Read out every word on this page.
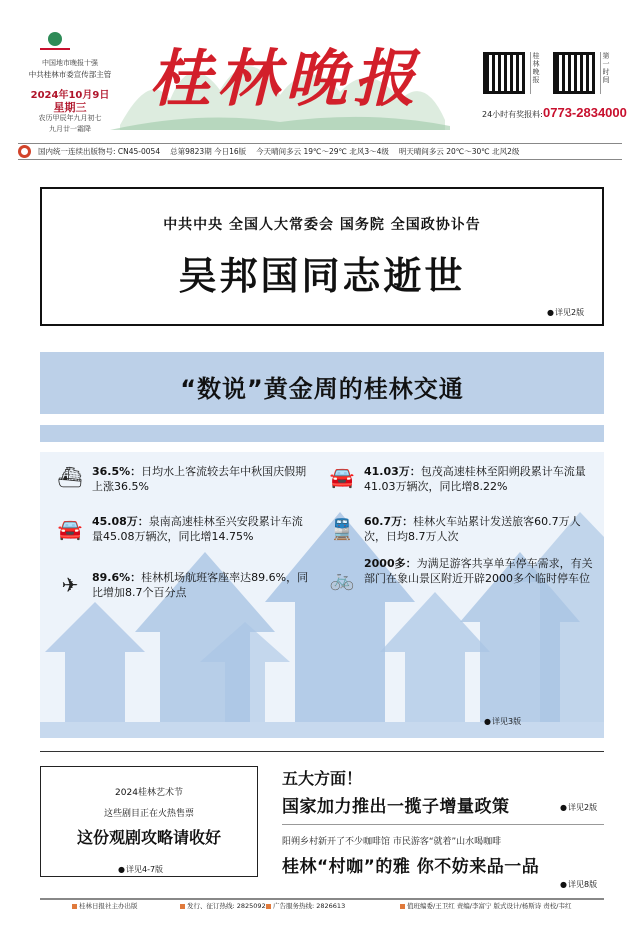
中国地市晚报十强
中共桂林市委宣传部主管
2024年10月9日
星期三
农历甲辰年九月初七
九月廿一霜降
桂林晚报	桂林晚报
第一时间
24小时有奖报料: 0773-2834000
国内统一连续出版物号: CN45-0054 总第9823期 今日16版 今天晴间多云 19℃～29℃ 北风3～4级 明天晴间多云 20℃～30℃ 北风2级
中共中央 全国人大常委会 国务院 全国政协讣告
吴邦国同志逝世
● 详见2版
“数说”黄金周的桂林交通
⛴ 36.5%：日均水上客流较去年中秋国庆假期上涨36.5%	🚘 41.03万：包茂高速桂林至阳朔段累计车流量41.03万辆次，同比增8.22%
🚘 45.08万：泉南高速桂林至兴安段累计车流量45.08万辆次，同比增14.75%	🚆 60.7万：桂林火车站累计发送旅客60.7万人次，日均8.7万人次
✈	89.6%：桂林机场航班客座率达89.6%，同比增加8.7个百分点
🚲
2000多：为满足游客共享单车停车需求，有关部门在象山景区附近开辟2000多个临时停车位
● 详见3版
2024桂林艺术节
这些剧目正在火热售票
这份观剧攻略请收好
● 详见4-7版
五大方面！
国家加力推出一揽子增量政策
●	详见2版
阳朔乡村新开了不少咖啡馆 市民游客“就着”山水喝咖啡
桂林“村咖”的雅 你不妨来品一品
● 详见8版
桂林日报社主办出版	发行、征订热线: 2825092	广告服务热线: 2826613	值班编委/王卫红 责编/李富宁 版式设计/杨斯诗 责校/韦红
